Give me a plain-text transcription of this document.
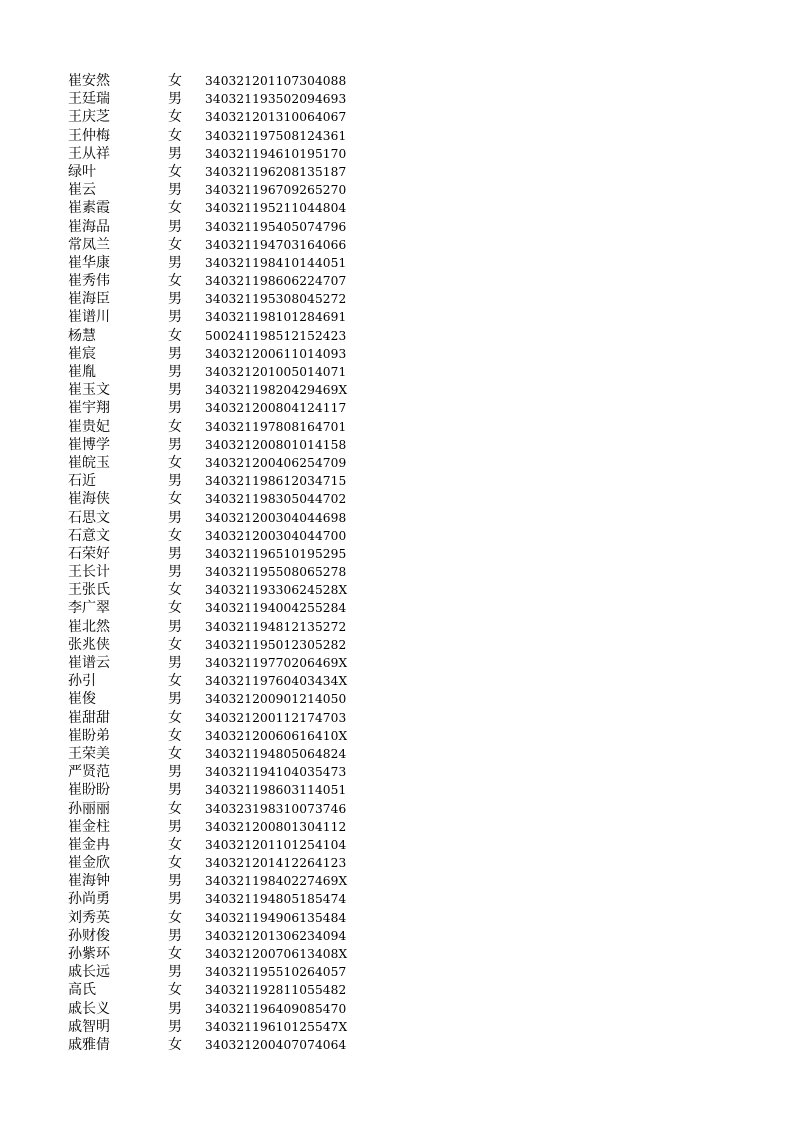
崔安然	女 340321201107304088
王廷瑞	男 340321193502094693
王庆芝	女 340321201310064067
王仲梅	女 340321197508124361
王从祥	男 340321194610195170
绿叶	女 340321196208135187
崔云	男 340321196709265270
崔素霞	女 340321195211044804
崔海品	男 340321195405074796
常凤兰	女 340321194703164066
崔华康	男 340321198410144051
崔秀伟	女 340321198606224707
崔海臣	男 340321195308045272
崔谱川	男 340321198101284691
杨慧	女 500241198512152423
崔宸	男 340321200611014093
崔胤	男 340321201005014071
崔玉文	男 34032119820429469X
崔宇翔	男 340321200804124117
崔贵妃	女 340321197808164701
崔博学	男 340321200801014158
崔皖玉	女 340321200406254709
石近	男 340321198612034715
崔海侠	女 340321198305044702
石思文	男 340321200304044698
石意文	女 340321200304044700
石荣好	男 340321196510195295
王长计	男 340321195508065278
王张氏	女 34032119330624528X
李广翠	女 340321194004255284
崔北然	男 340321194812135272
张兆侠	女 340321195012305282
崔谱云	男 34032119770206469X
孙引	女 34032119760403434X
崔俊	男 340321200901214050
崔甜甜	女 340321200112174703
崔盼弟	女 34032120060616410X
王荣美	女 340321194805064824
严贤范	男 340321194104035473
崔盼盼	男 340321198603114051
孙丽丽	女 340323198310073746
崔金柱	男 340321200801304112
崔金冉	女 340321201101254104
崔金欣	女 340321201412264123
崔海钟	男 34032119840227469X
孙尚勇	男 340321194805185474
刘秀英	女 340321194906135484
孙财俊	男 340321201306234094
孙紫环	女 34032120070613408X
戚长远	男 340321195510264057
高氏	女 340321192811055482
戚长义	男 340321196409085470
戚智明	男 34032119610125547X
戚雅倩	女 340321200407074064
